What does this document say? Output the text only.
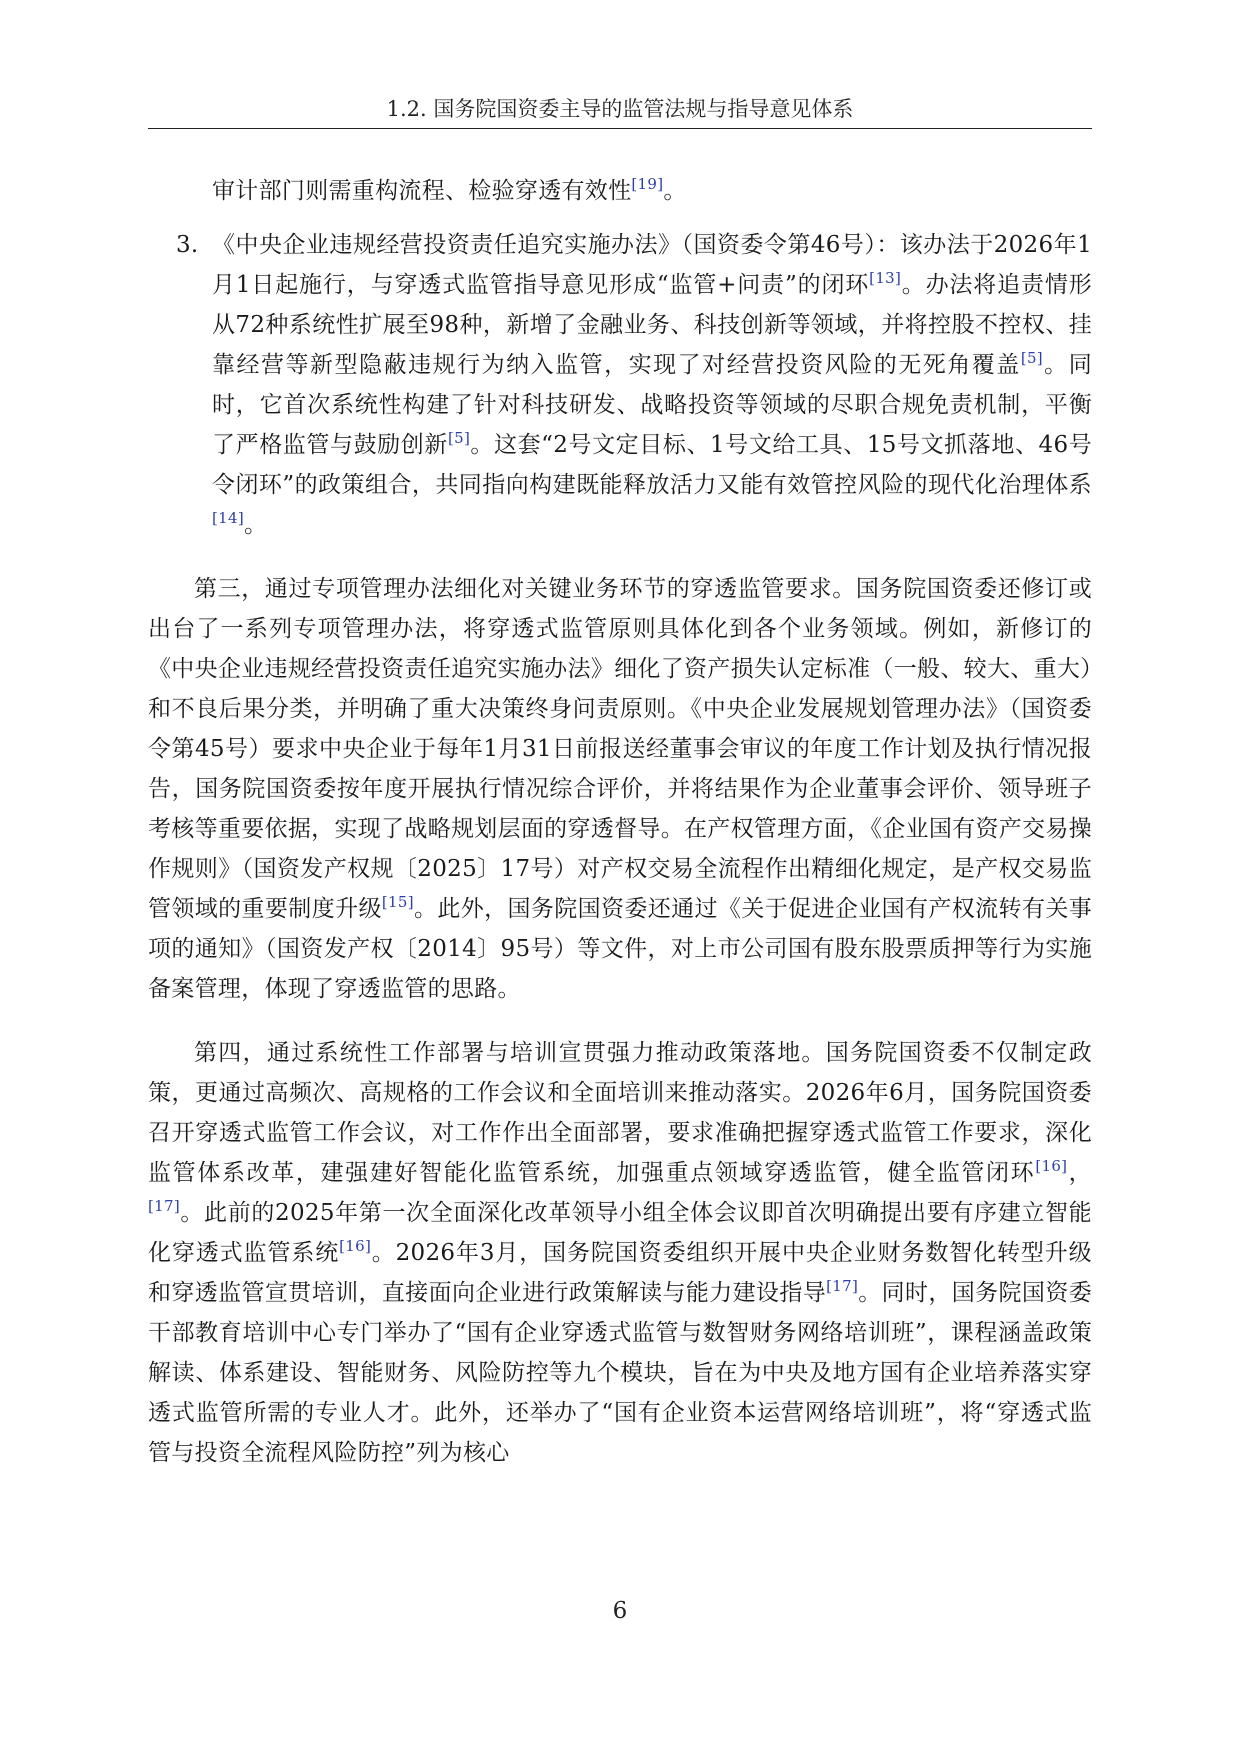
1.2. 国务院国资委主导的监管法规与指导意见体系

审计部门则需重构流程、检验穿透有效性[19]。

3. 《中央企业违规经营投资责任追究实施办法》（国资委令第46号）：该办法于2026年1月1日起施行，与穿透式监管指导意见形成“监管+问责”的闭环[13]。办法将追责情形从72种系统性扩展至98种，新增了金融业务、科技创新等领域，并将控股不控权、挂靠经营等新型隐蔽违规行为纳入监管，实现了对经营投资风险的无死角覆盖[5]。同时，它首次系统性构建了针对科技研发、战略投资等领域的尽职合规免责机制，平衡了严格监管与鼓励创新[5]。这套“2号文定目标、1号文给工具、15号文抓落地、46号令闭环”的政策组合，共同指向构建既能释放活力又能有效管控风险的现代化治理体系[14]。

第三，通过专项管理办法细化对关键业务环节的穿透监管要求。国务院国资委还修订或出台了一系列专项管理办法，将穿透式监管原则具体化到各个业务领域。例如，新修订的《中央企业违规经营投资责任追究实施办法》细化了资产损失认定标准（一般、较大、重大）和不良后果分类，并明确了重大决策终身问责原则。《中央企业发展规划管理办法》（国资委令第45号）要求中央企业于每年1月31日前报送经董事会审议的年度工作计划及执行情况报告，国务院国资委按年度开展执行情况综合评价，并将结果作为企业董事会评价、领导班子考核等重要依据，实现了战略规划层面的穿透督导。在产权管理方面，《企业国有资产交易操作规则》（国资发产权规〔2025〕17号）对产权交易全流程作出精细化规定，是产权交易监管领域的重要制度升级[15]。此外，国务院国资委还通过《关于促进企业国有产权流转有关事项的通知》（国资发产权〔2014〕95号）等文件，对上市公司国有股东股票质押等行为实施备案管理，体现了穿透监管的思路。

第四，通过系统性工作部署与培训宣贯强力推动政策落地。国务院国资委不仅制定政策，更通过高频次、高规格的工作会议和全面培训来推动落实。2026年6月，国务院国资委召开穿透式监管工作会议，对工作作出全面部署，要求准确把握穿透式监管工作要求，深化监管体系改革，建强建好智能化监管系统，加强重点领域穿透监管，健全监管闭环[16]，[17]。此前的2025年第一次全面深化改革领导小组全体会议即首次明确提出要有序建立智能化穿透式监管系统[16]。2026年3月，国务院国资委组织开展中央企业财务数智化转型升级和穿透监管宣贯培训，直接面向企业进行政策解读与能力建设指导[17]。同时，国务院国资委干部教育培训中心专门举办了“国有企业穿透式监管与数智财务网络培训班”，课程涵盖政策解读、体系建设、智能财务、风险防控等九个模块，旨在为中央及地方国有企业培养落实穿透式监管所需的专业人才。此外，还举办了“国有企业资本运营网络培训班”，将“穿透式监管与投资全流程风险防控”列为核心

6
